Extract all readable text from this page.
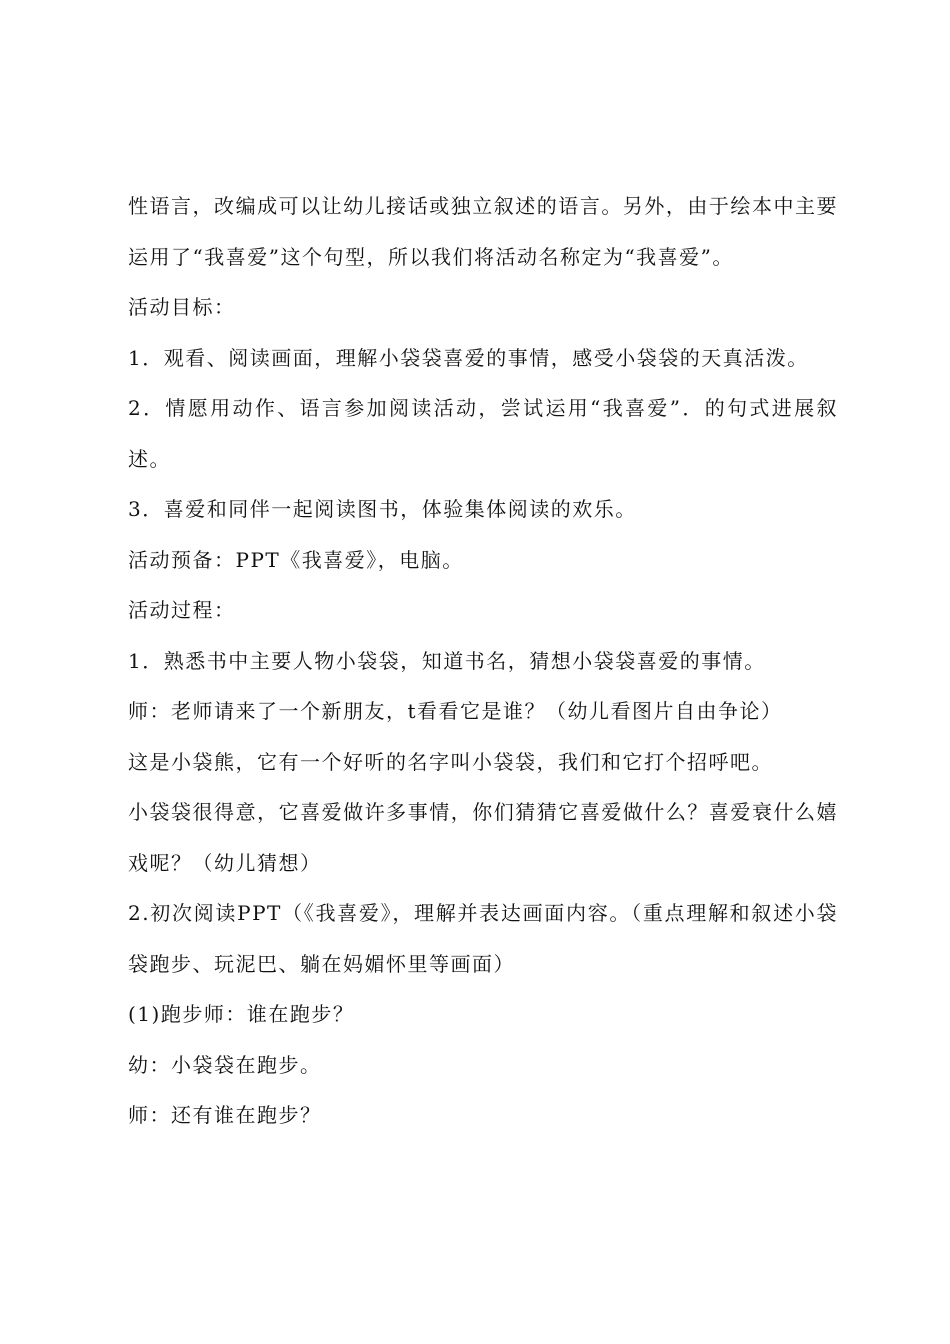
性语言，改编成可以让幼儿接话或独立叙述的语言。另外，由于绘本中主要运用了“我喜爱”这个句型，所以我们将活动名称定为“我喜爱”。

活动目标：

1．观看、阅读画面，理解小袋袋喜爱的事情，感受小袋袋的天真活泼。

2．情愿用动作、语言参加阅读活动，尝试运用“我喜爱”．的句式进展叙述。

3．喜爱和同伴一起阅读图书，体验集体阅读的欢乐。

活动预备：PPT《我喜爱》，电脑。

活动过程：

1．熟悉书中主要人物小袋袋，知道书名，猜想小袋袋喜爱的事情。

师：老师请来了一个新朋友，t看看它是谁？（幼儿看图片自由争论）

这是小袋熊，它有一个好听的名字叫小袋袋，我们和它打个招呼吧。

小袋袋很得意，它喜爱做许多事情，你们猜猜它喜爱做什么？喜爱衰什么嬉戏呢？（幼儿猜想）

2.初次阅读PPT（《我喜爱》，理解并表达画面内容。（重点理解和叙述小袋袋跑步、玩泥巴、躺在妈媚怀里等画面）

(1)跑步师：谁在跑步？

幼：小袋袋在跑步。

师：还有谁在跑步？
